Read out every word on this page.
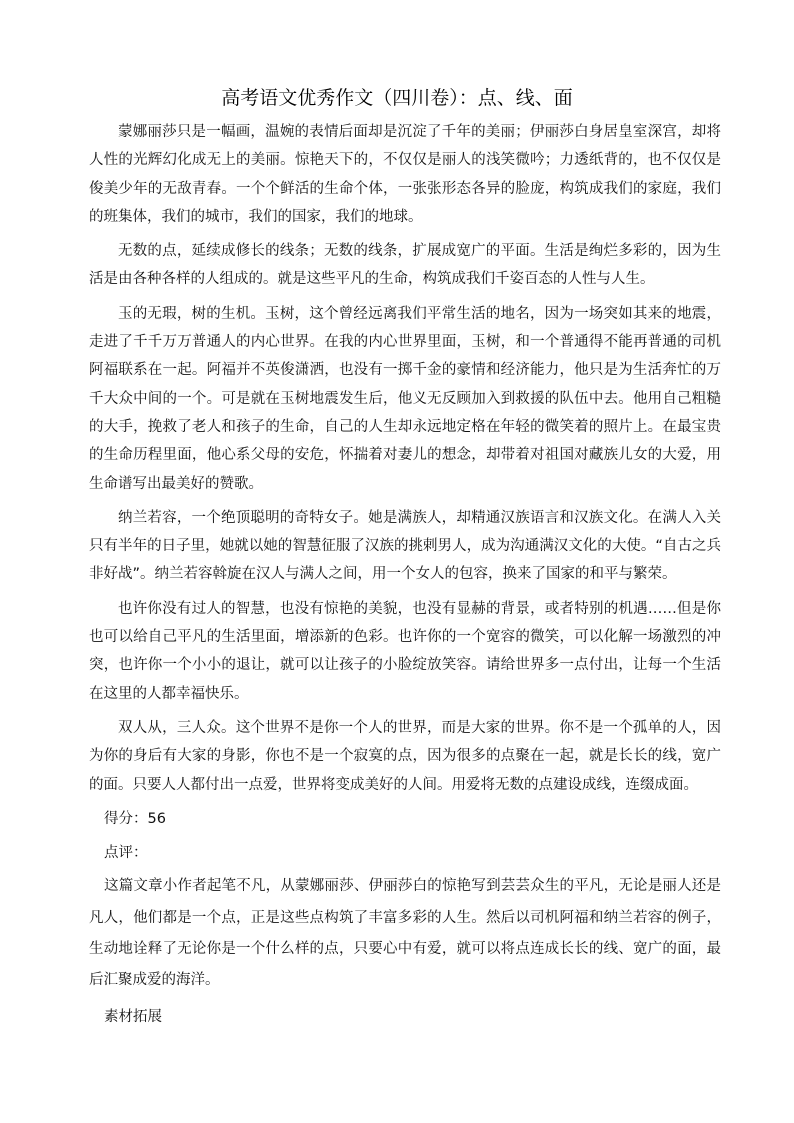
高考语文优秀作文（四川卷）：点、线、面

蒙娜丽莎只是一幅画，温婉的表情后面却是沉淀了千年的美丽；伊丽莎白身居皇室深宫，却将人性的光辉幻化成无上的美丽。惊艳天下的，不仅仅是丽人的浅笑微吟；力透纸背的，也不仅仅是俊美少年的无敌青春。一个个鲜活的生命个体，一张张形态各异的脸庞，构筑成我们的家庭，我们的班集体，我们的城市，我们的国家，我们的地球。

无数的点，延续成修长的线条；无数的线条，扩展成宽广的平面。生活是绚烂多彩的，因为生活是由各种各样的人组成的。就是这些平凡的生命，构筑成我们千姿百态的人性与人生。

玉的无瑕，树的生机。玉树，这个曾经远离我们平常生活的地名，因为一场突如其来的地震，走进了千千万万普通人的内心世界。在我的内心世界里面，玉树，和一个普通得不能再普通的司机阿福联系在一起。阿福并不英俊潇洒，也没有一掷千金的豪情和经济能力，他只是为生活奔忙的万千大众中间的一个。可是就在玉树地震发生后，他义无反顾加入到救援的队伍中去。他用自己粗糙的大手，挽救了老人和孩子的生命，自己的人生却永远地定格在年轻的微笑着的照片上。在最宝贵的生命历程里面，他心系父母的安危，怀揣着对妻儿的想念，却带着对祖国对藏族儿女的大爱，用生命谱写出最美好的赞歌。

纳兰若容，一个绝顶聪明的奇特女子。她是满族人，却精通汉族语言和汉族文化。在满人入关只有半年的日子里，她就以她的智慧征服了汉族的挑剌男人，成为沟通满汉文化的大使。“自古之兵非好战”。纳兰若容斡旋在汉人与满人之间，用一个女人的包容，换来了国家的和平与繁荣。

也许你没有过人的智慧，也没有惊艳的美貌，也没有显赫的背景，或者特别的机遇……但是你也可以给自己平凡的生活里面，增添新的色彩。也许你的一个宽容的微笑，可以化解一场激烈的冲突，也许你一个小小的退让，就可以让孩子的小脸绽放笑容。请给世界多一点付出，让每一个生活在这里的人都幸福快乐。

双人从，三人众。这个世界不是你一个人的世界，而是大家的世界。你不是一个孤单的人，因为你的身后有大家的身影，你也不是一个寂寞的点，因为很多的点聚在一起，就是长长的线，宽广的面。只要人人都付出一点爱，世界将变成美好的人间。用爱将无数的点建设成线，连缀成面。

得分：56

点评：

这篇文章小作者起笔不凡，从蒙娜丽莎、伊丽莎白的惊艳写到芸芸众生的平凡，无论是丽人还是凡人，他们都是一个点，正是这些点构筑了丰富多彩的人生。然后以司机阿福和纳兰若容的例子，生动地诠释了无论你是一个什么样的点，只要心中有爱，就可以将点连成长长的线、宽广的面，最后汇聚成爱的海洋。

素材拓展
